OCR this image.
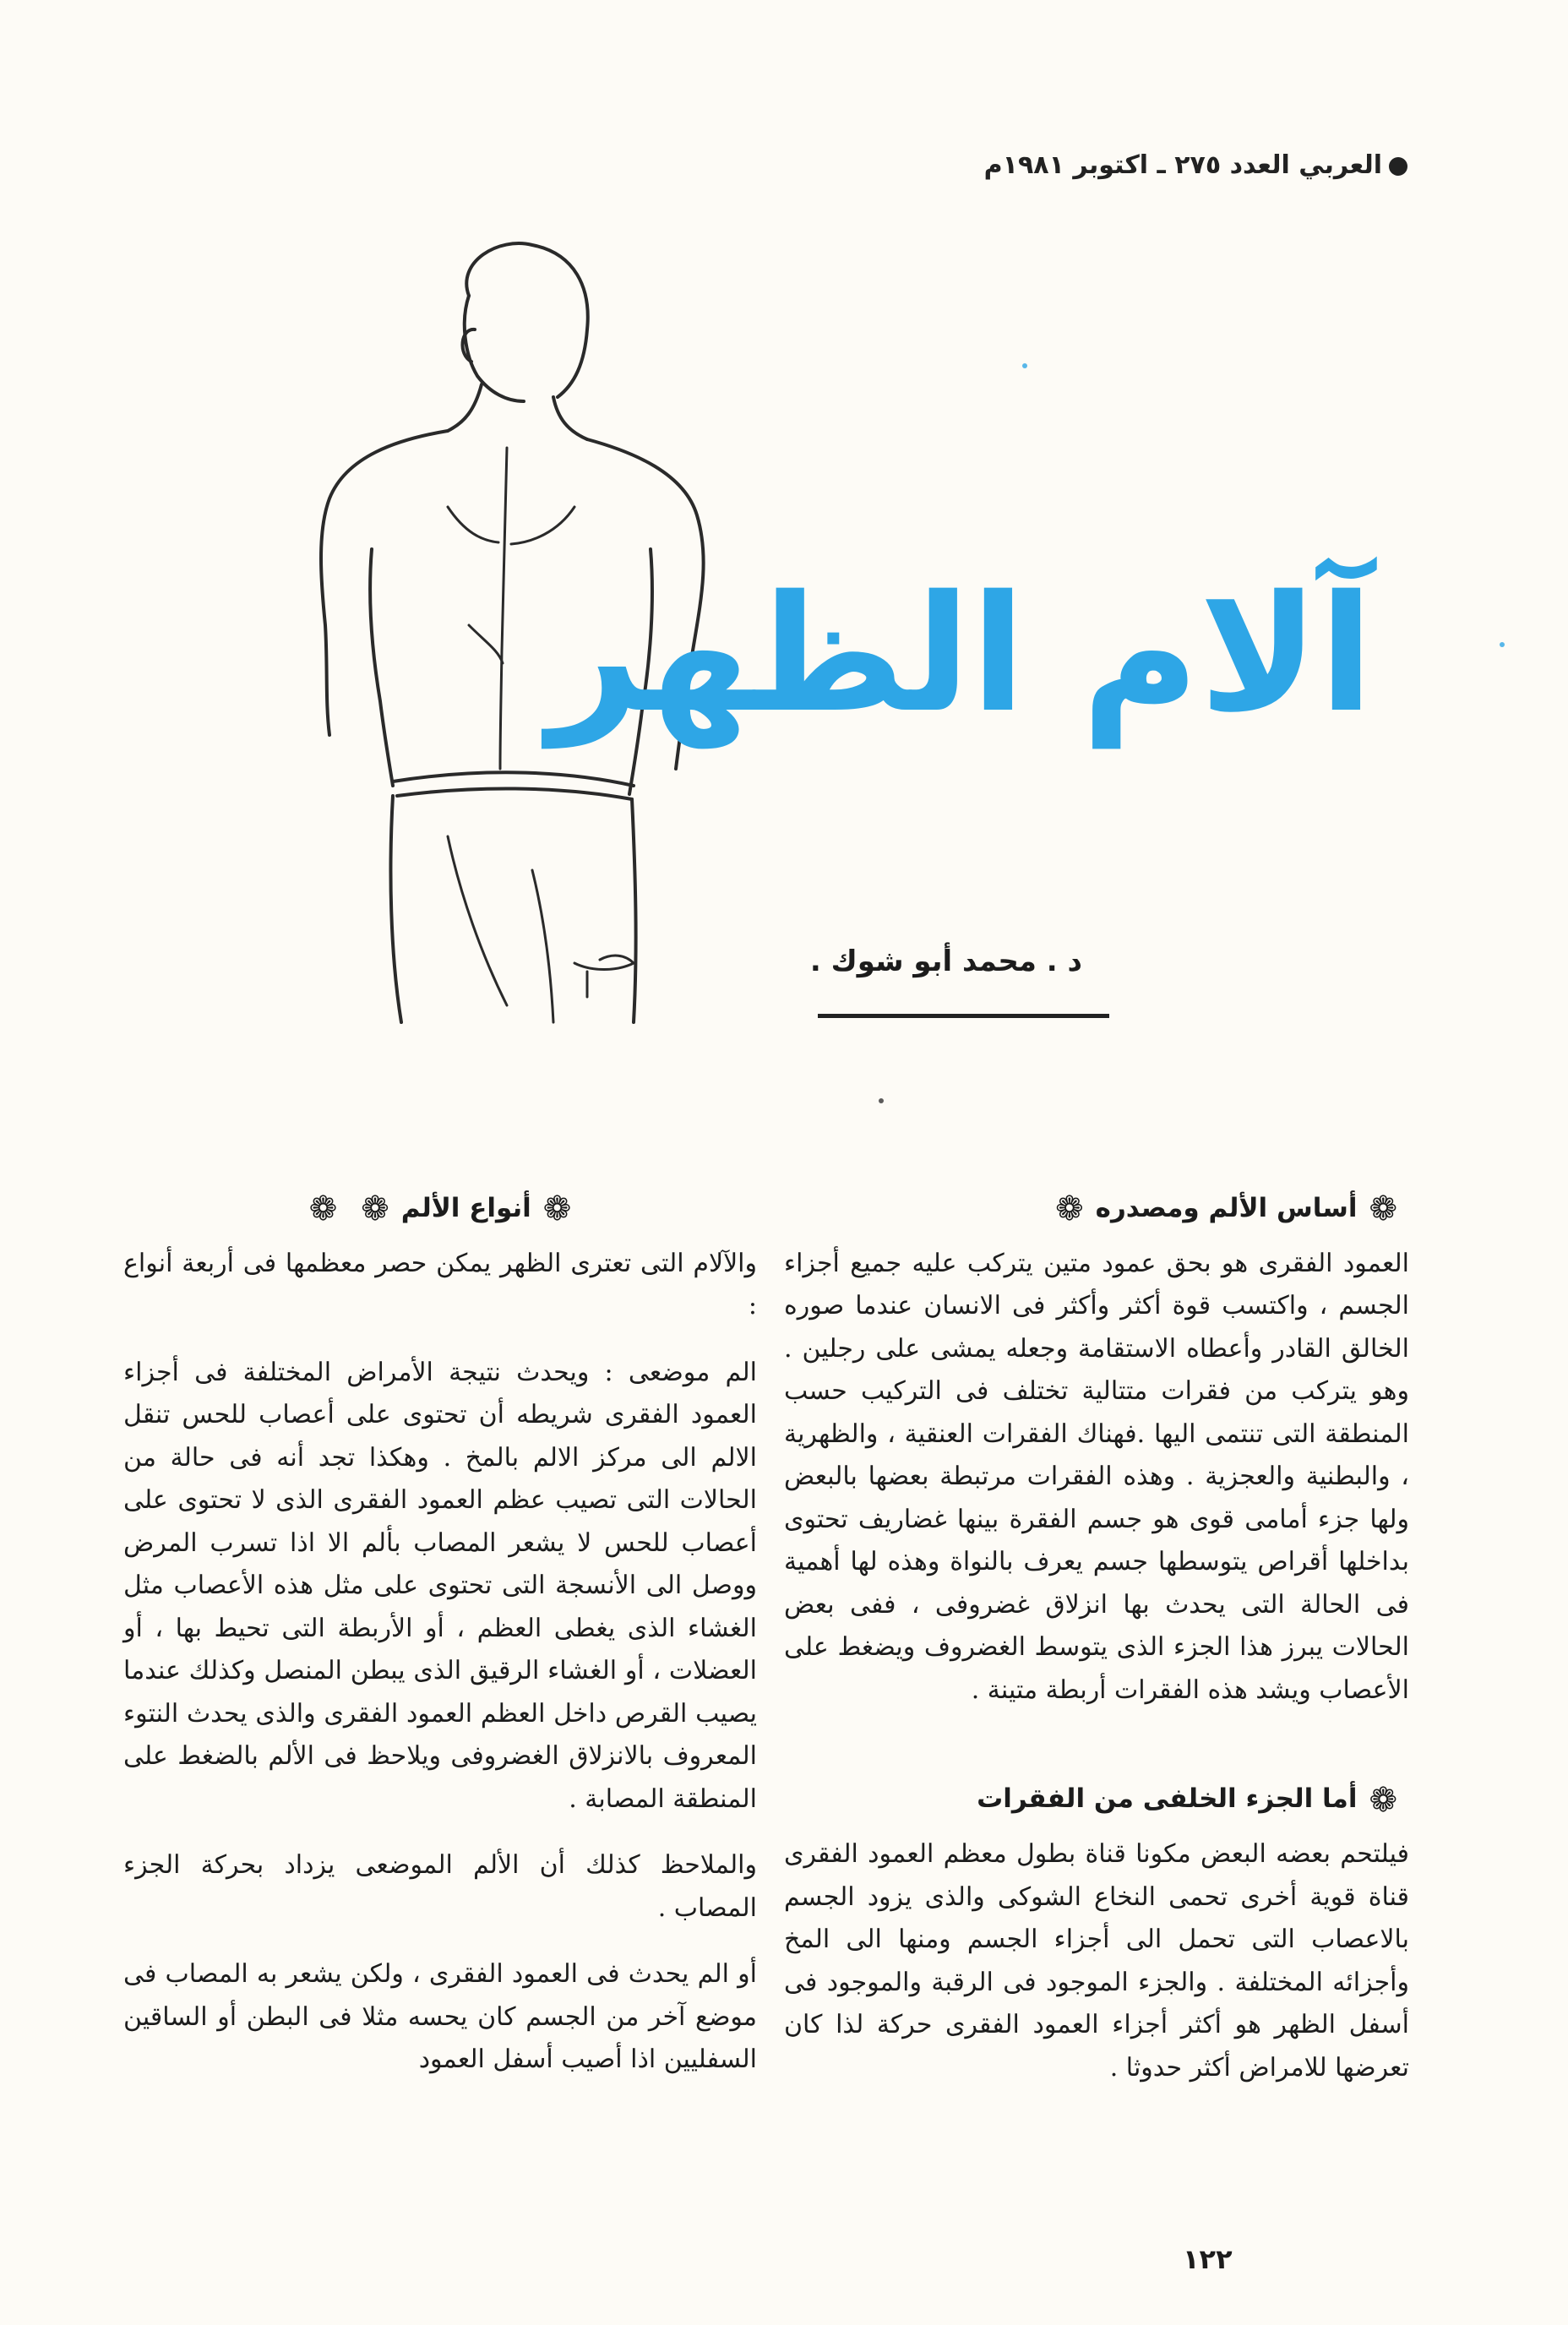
العربي العدد ٢٧٥ ـ اكتوبر ١٩٨١م
آلام الظهر
د . محمد أبو شوك .
❁أساس الألم ومصدره❁

العمود الفقرى هو بحق عمود متين يتركب عليه جميع أجزاء الجسم ، واكتسب قوة أكثر وأكثر فى الانسان عندما صوره الخالق القادر وأعطاه الاستقامة وجعله يمشى على رجلين . وهو يتركب من فقرات متتالية تختلف فى التركيب حسب المنطقة التى تنتمى اليها .فهناك الفقرات العنقية ، والظهرية ، والبطنية والعجزية . وهذه الفقرات مرتبطة بعضها بالبعض ولها جزء أمامى قوى هو جسم الفقرة بينها غضاريف تحتوى بداخلها أقراص يتوسطها جسم يعرف بالنواة وهذه لها أهمية فى الحالة التى يحدث بها انزلاق غضروفى ، ففى بعض الحالات يبرز هذا الجزء الذى يتوسط الغضروف ويضغط على الأعصاب ويشد هذه الفقرات أربطة متينة .

❁أما الجزء الخلفى من الفقرات

فيلتحم بعضه البعض مكونا قناة بطول معظم العمود الفقرى قناة قوية أخرى تحمى النخاع الشوكى والذى يزود الجسم بالاعصاب التى تحمل الى أجزاء الجسم ومنها الى المخ وأجزائه المختلفة . والجزء الموجود فى الرقبة والموجود فى أسفل الظهر هو أكثر أجزاء العمود الفقرى حركة لذا كان تعرضها للامراض أكثر حدوثا .

❁أنواع الألم❁❁

والآلام التى تعترى الظهر يمكن حصر معظمها فى أربعة أنواع :

الم موضعى : ويحدث نتيجة الأمراض المختلفة فى أجزاء العمود الفقرى شريطه أن تحتوى على أعصاب للحس تنقل الالم الى مركز الالم بالمخ . وهكذا تجد أنه فى حالة من الحالات التى تصيب عظم العمود الفقرى الذى لا تحتوى على أعصاب للحس لا يشعر المصاب بألم الا اذا تسرب المرض ووصل الى الأنسجة التى تحتوى على مثل هذه الأعصاب مثل الغشاء الذى يغطى العظم ، أو الأربطة التى تحيط بها ، أو العضلات ، أو الغشاء الرقيق الذى يبطن المنصل وكذلك عندما يصيب القرص داخل العظم العمود الفقرى والذى يحدث النتوء المعروف بالانزلاق الغضروفى ويلاحظ فى الألم بالضغط على المنطقة المصابة .

والملاحظ كذلك أن الألم الموضعى يزداد بحركة الجزء المصاب .

أو الم يحدث فى العمود الفقرى ، ولكن يشعر به المصاب فى موضع آخر من الجسم كان يحسه مثلا فى البطن أو الساقين السفليين اذا أصيب أسفل العمود

١٢٢
